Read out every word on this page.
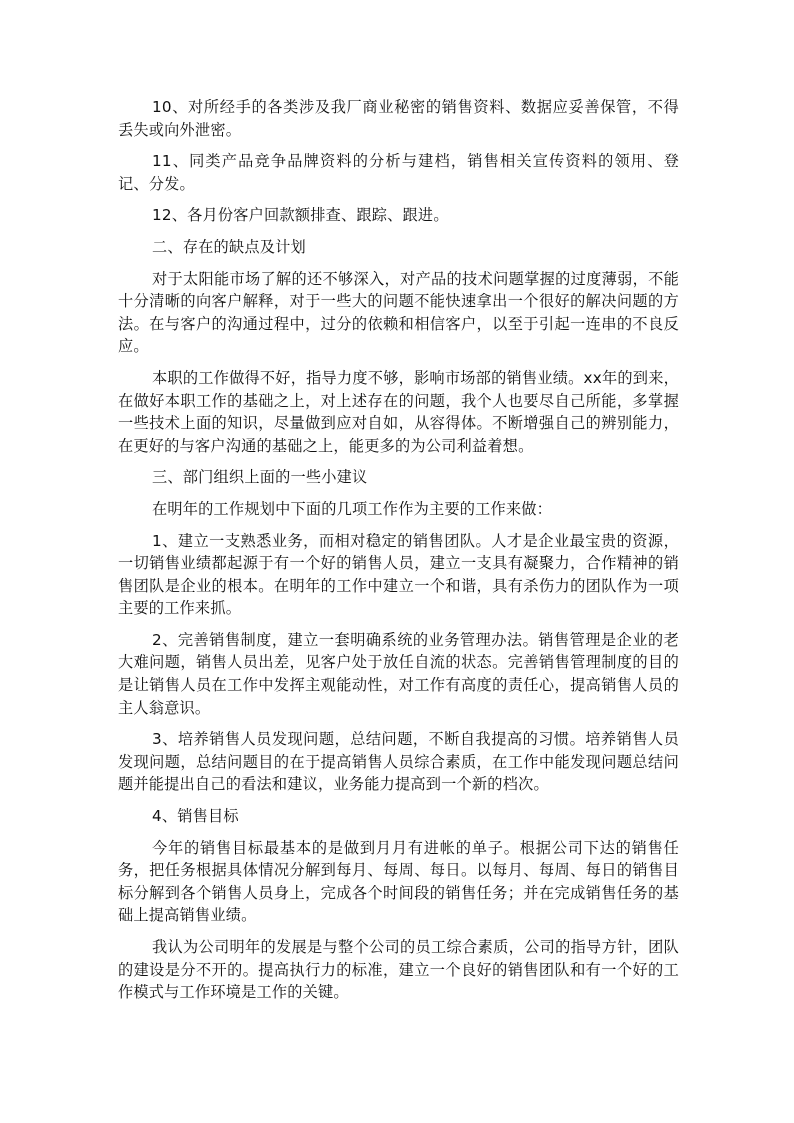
10、对所经手的各类涉及我厂商业秘密的销售资料、数据应妥善保管，不得丢失或向外泄密。

11、同类产品竞争品牌资料的分析与建档，销售相关宣传资料的领用、登记、分发。

12、各月份客户回款额排查、跟踪、跟进。

二、存在的缺点及计划

对于太阳能市场了解的还不够深入，对产品的技术问题掌握的过度薄弱，不能十分清晰的向客户解释，对于一些大的问题不能快速拿出一个很好的解决问题的方法。在与客户的沟通过程中，过分的依赖和相信客户，以至于引起一连串的不良反应。

本职的工作做得不好，指导力度不够，影响市场部的销售业绩。xx年的到来，在做好本职工作的基础之上，对上述存在的问题，我个人也要尽自己所能，多掌握一些技术上面的知识，尽量做到应对自如，从容得体。不断增强自己的辨别能力，在更好的与客户沟通的基础之上，能更多的为公司利益着想。

三、部门组织上面的一些小建议

在明年的工作规划中下面的几项工作作为主要的工作来做：

1、建立一支熟悉业务，而相对稳定的销售团队。人才是企业最宝贵的资源，一切销售业绩都起源于有一个好的销售人员，建立一支具有凝聚力，合作精神的销售团队是企业的根本。在明年的工作中建立一个和谐，具有杀伤力的团队作为一项主要的工作来抓。

2、完善销售制度，建立一套明确系统的业务管理办法。销售管理是企业的老大难问题，销售人员出差，见客户处于放任自流的状态。完善销售管理制度的目的是让销售人员在工作中发挥主观能动性，对工作有高度的责任心，提高销售人员的主人翁意识。

3、培养销售人员发现问题，总结问题，不断自我提高的习惯。培养销售人员发现问题，总结问题目的在于提高销售人员综合素质，在工作中能发现问题总结问题并能提出自己的看法和建议，业务能力提高到一个新的档次。

4、销售目标

今年的销售目标最基本的是做到月月有进帐的单子。根据公司下达的销售任务，把任务根据具体情况分解到每月、每周、每日。以每月、每周、每日的销售目标分解到各个销售人员身上，完成各个时间段的销售任务；并在完成销售任务的基础上提高销售业绩。

我认为公司明年的发展是与整个公司的员工综合素质，公司的指导方针，团队的建设是分不开的。提高执行力的标准，建立一个良好的销售团队和有一个好的工作模式与工作环境是工作的关键。
